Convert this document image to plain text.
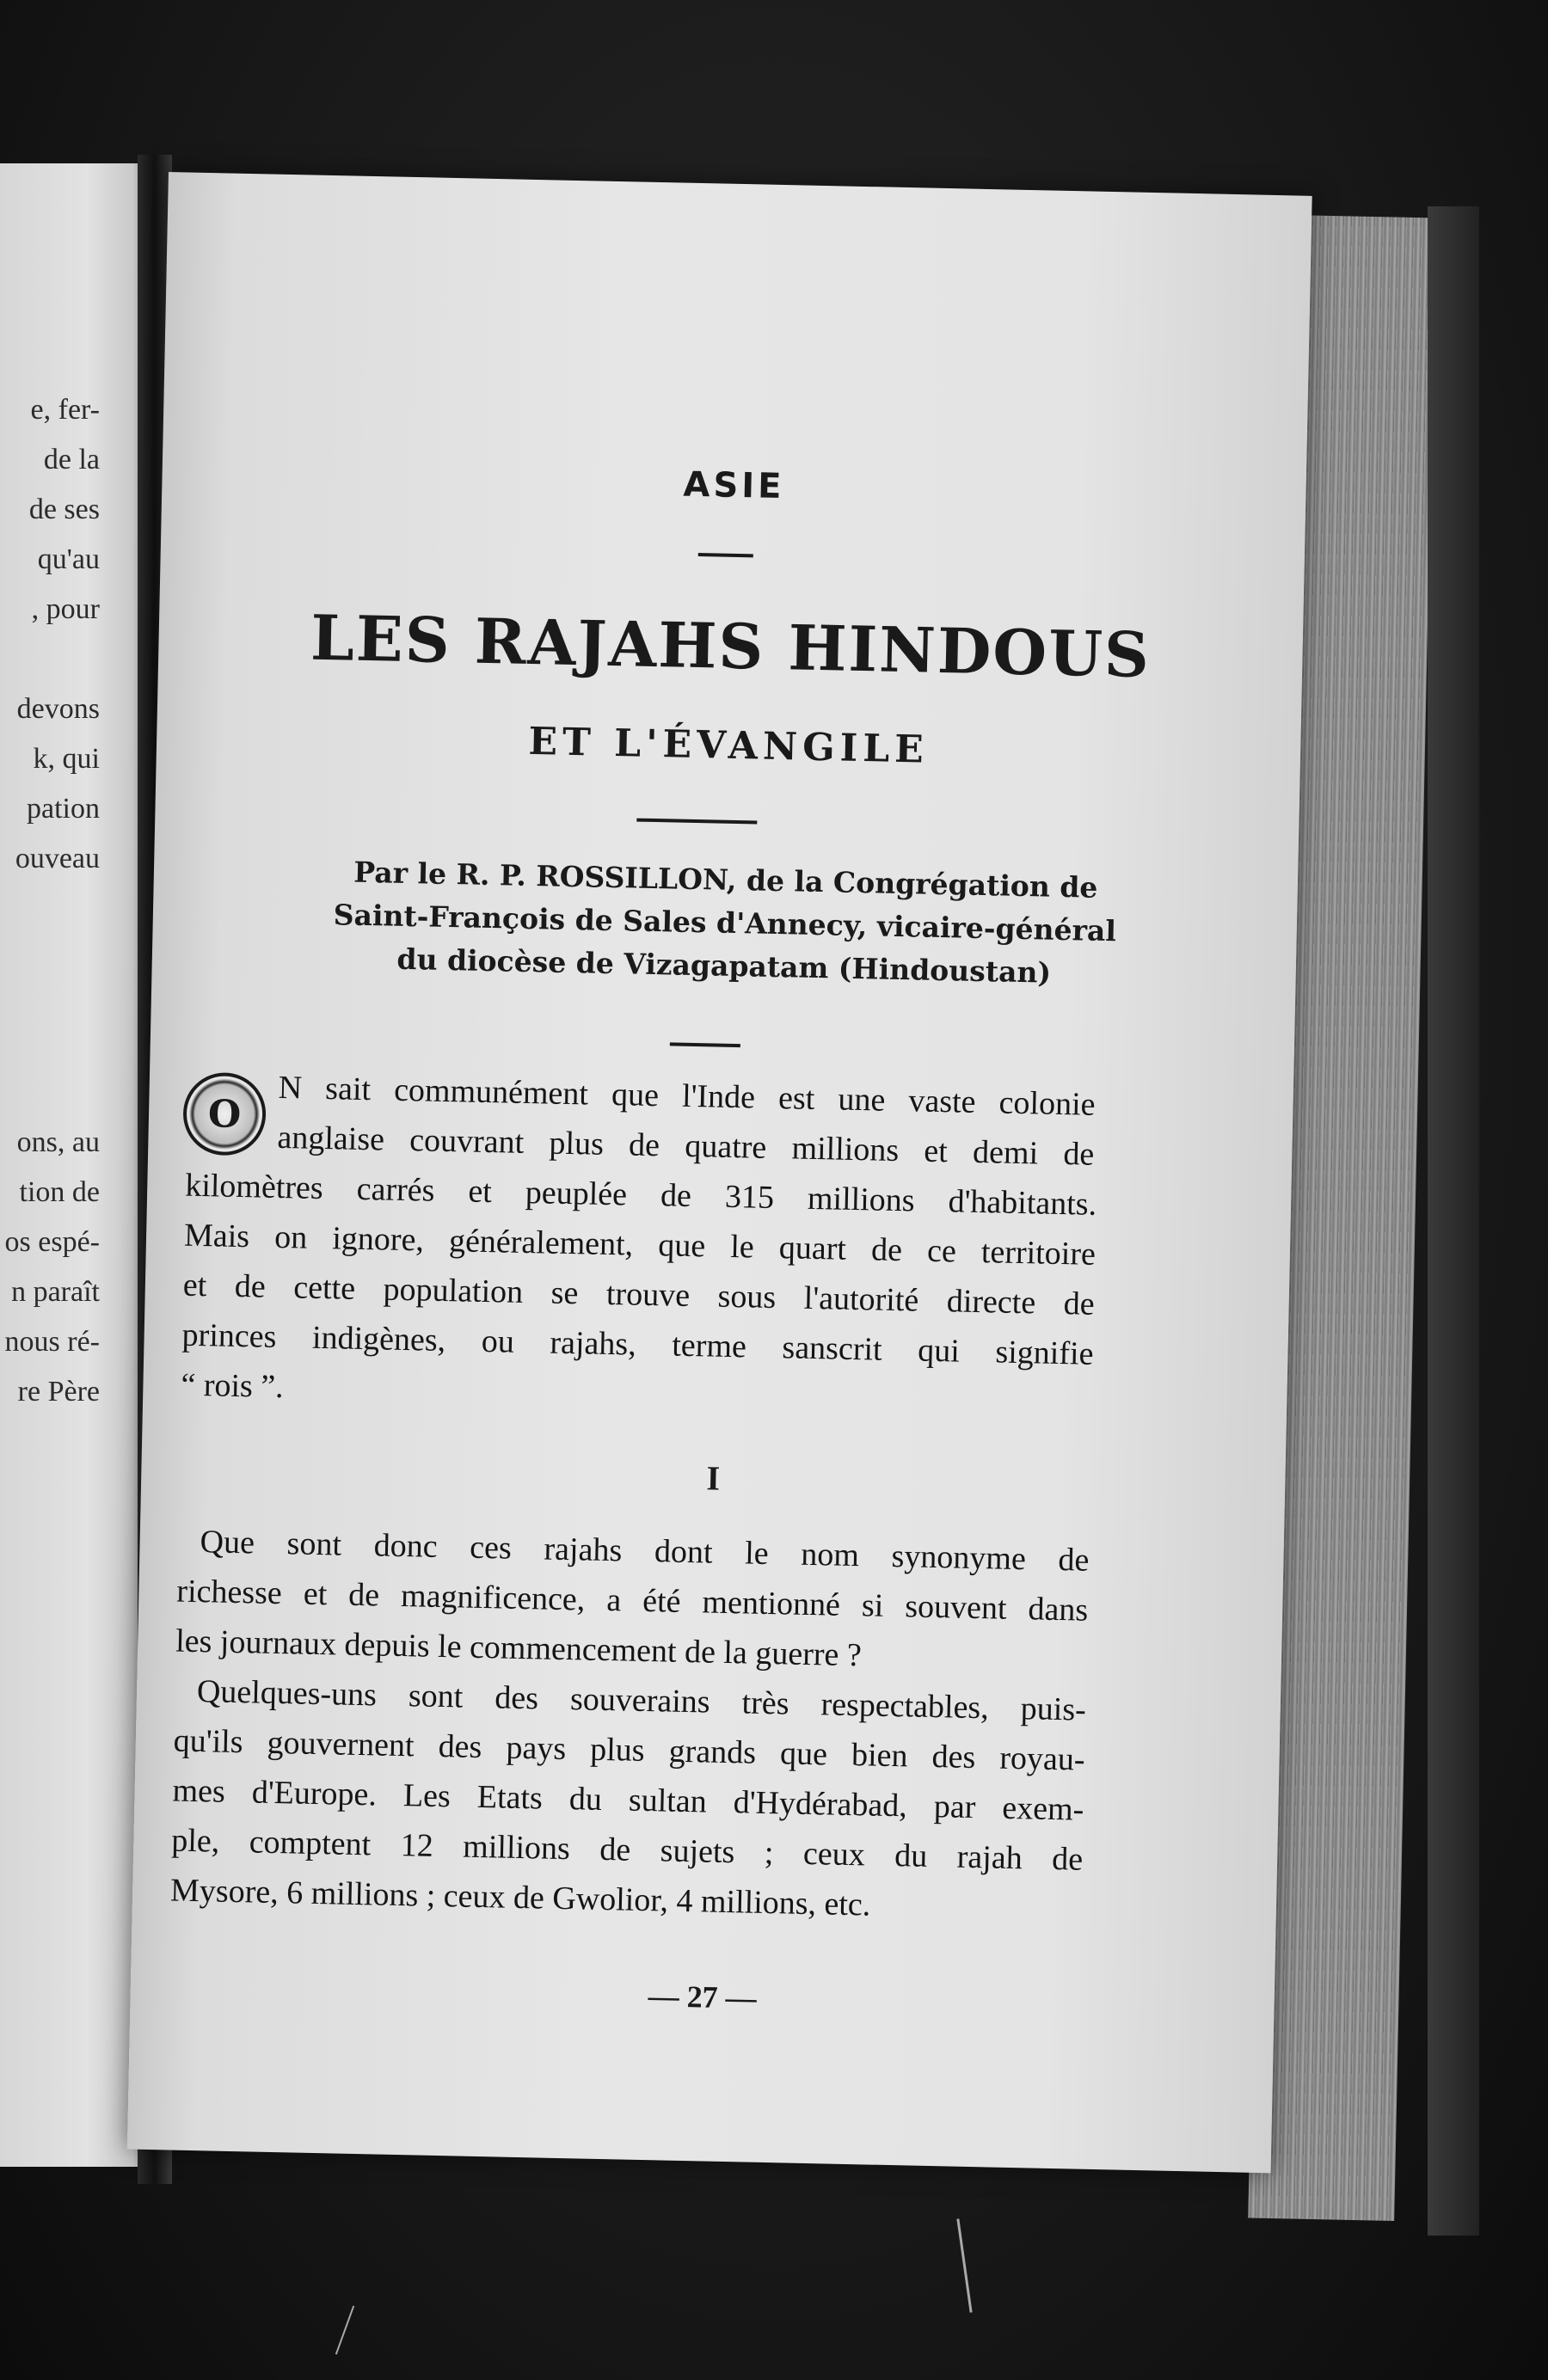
e, fer-
de la
de ses
qu'au
, pour
devons
k, qui
pation
ouveau
ons, au
tion de
os espé-
n paraît
nous ré-
re Père
ASIE
LES RAJAHS HINDOUS
ET L'ÉVANGILE
Par le R. P. ROSSILLON, de la Congrégation de
Saint-François de Sales d'Annecy, vicaire-général
du diocèse de Vizagapatam (Hindoustan)
O	N sait communément que l'Inde est une vaste colonie
anglaise couvrant plus de quatre millions et demi de
kilomètres carrés et peuplée de 315 millions d'habitants.
Mais on ignore, généralement, que le quart de ce territoire
et de cette population se trouve sous l'autorité directe de
princes indigènes, ou rajahs, terme sanscrit qui signifie
“ rois ”.
I
Que sont donc ces rajahs dont le nom synonyme de
richesse et de magnificence, a été mentionné si souvent dans
les journaux depuis le commencement de la guerre ?
Quelques-uns sont des souverains très respectables, puis-
qu'ils gouvernent des pays plus grands que bien des royau-
mes d'Europe. Les Etats du sultan d'Hydérabad, par exem-
ple, comptent 12 millions de sujets ; ceux du rajah de
Mysore, 6 millions ; ceux de Gwolior, 4 millions, etc.
— 27 —
